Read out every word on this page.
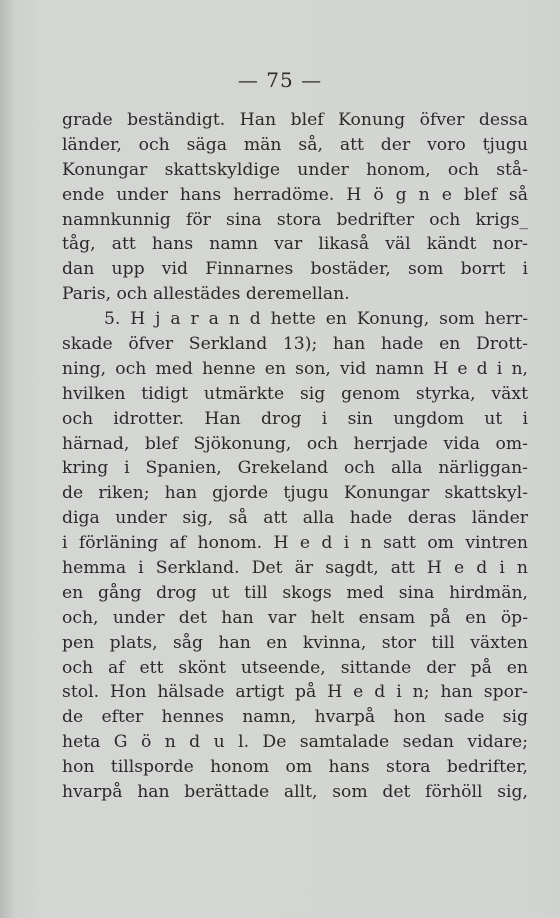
— 75 —
grade beständigt. Han blef Konung öfver dessa
länder, och säga män så, att der voro tjugu
Konungar skattskyldige under honom, och stå-
ende under hans herradöme. H ö g n e blef så
namnkunnig för sina stora bedrifter och krigs_
tåg, att hans namn var likaså väl kändt nor-
dan upp vid Finnarnes bostäder, som borrt i
Paris, och allestädes deremellan.
5. H j a r a n d hette en Konung, som herr-
skade öfver Serkland 13); han hade en Drott-
ning, och med henne en son, vid namn H e d i n,
hvilken tidigt utmärkte sig genom styrka, växt
och idrotter. Han drog i sin ungdom ut i
härnad, blef Sjökonung, och herrjade vida om-
kring i Spanien, Grekeland och alla närliggan-
de riken; han gjorde tjugu Konungar skattskyl-
diga under sig, så att alla hade deras länder
i förläning af honom. H e d i n satt om vintren
hemma i Serkland. Det är sagdt, att H e d i n
en gång drog ut till skogs med sina hirdmän,
och, under det han var helt ensam på en öp-
pen plats, såg han en kvinna, stor till växten
och af ett skönt utseende, sittande der på en
stol. Hon hälsade artigt på H e d i n; han spor-
de efter hennes namn, hvarpå hon sade sig
heta G ö n d u l. De samtalade sedan vidare;
hon tillsporde honom om hans stora bedrifter,
hvarpå han berättade allt, som det förhöll sig,
